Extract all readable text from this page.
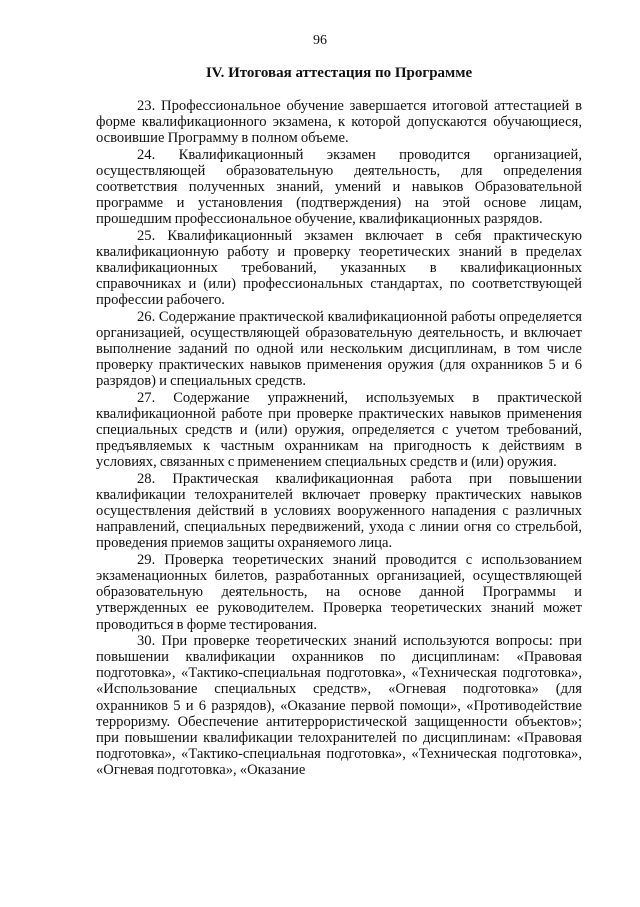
96
IV. Итоговая аттестация по Программе

23. Профессиональное обучение завершается итоговой аттестацией в форме квалификационного экзамена, к которой допускаются обучающиеся, освоившие Программу в полном объеме.

24. Квалификационный экзамен проводится организацией, осуществляющей образовательную деятельность, для определения соответствия полученных знаний, умений и навыков Образовательной программе и установления (подтверждения) на этой основе лицам, прошедшим профессиональное обучение, квалификационных разрядов.

25. Квалификационный экзамен включает в себя практическую квалификационную работу и проверку теоретических знаний в пределах квалификационных требований, указанных в квалификационных справочниках и (или) профессиональных стандартах, по соответствующей профессии рабочего.

26. Содержание практической квалификационной работы определяется организацией, осуществляющей образовательную деятельность, и включает выполнение заданий по одной или нескольким дисциплинам, в том числе проверку практических навыков применения оружия (для охранников 5 и 6 разрядов) и специальных средств.

27. Содержание упражнений, используемых в практической квалификационной работе при проверке практических навыков применения специальных средств и (или) оружия, определяется с учетом требований, предъявляемых к частным охранникам на пригодность к действиям в условиях, связанных с применением специальных средств и (или) оружия.

28. Практическая квалификационная работа при повышении квалификации телохранителей включает проверку практических навыков осуществления действий в условиях вооруженного нападения с различных направлений, специальных передвижений, ухода с линии огня со стрельбой, проведения приемов защиты охраняемого лица.

29. Проверка теоретических знаний проводится с использованием экзаменационных билетов, разработанных организацией, осуществляющей образовательную деятельность, на основе данной Программы и утвержденных ее руководителем. Проверка теоретических знаний может проводиться в форме тестирования.

30. При проверке теоретических знаний используются вопросы: при повышении квалификации охранников по дисциплинам: «Правовая подготовка», «Тактико-специальная подготовка», «Техническая подготовка», «Использование специальных средств», «Огневая подготовка» (для охранников 5 и 6 разрядов), «Оказание первой помощи», «Противодействие терроризму. Обеспечение антитеррористической защищенности объектов»; при повышении квалификации телохранителей по дисциплинам: «Правовая подготовка», «Тактико-специальная подготовка», «Техническая подготовка», «Огневая подготовка», «Оказание
